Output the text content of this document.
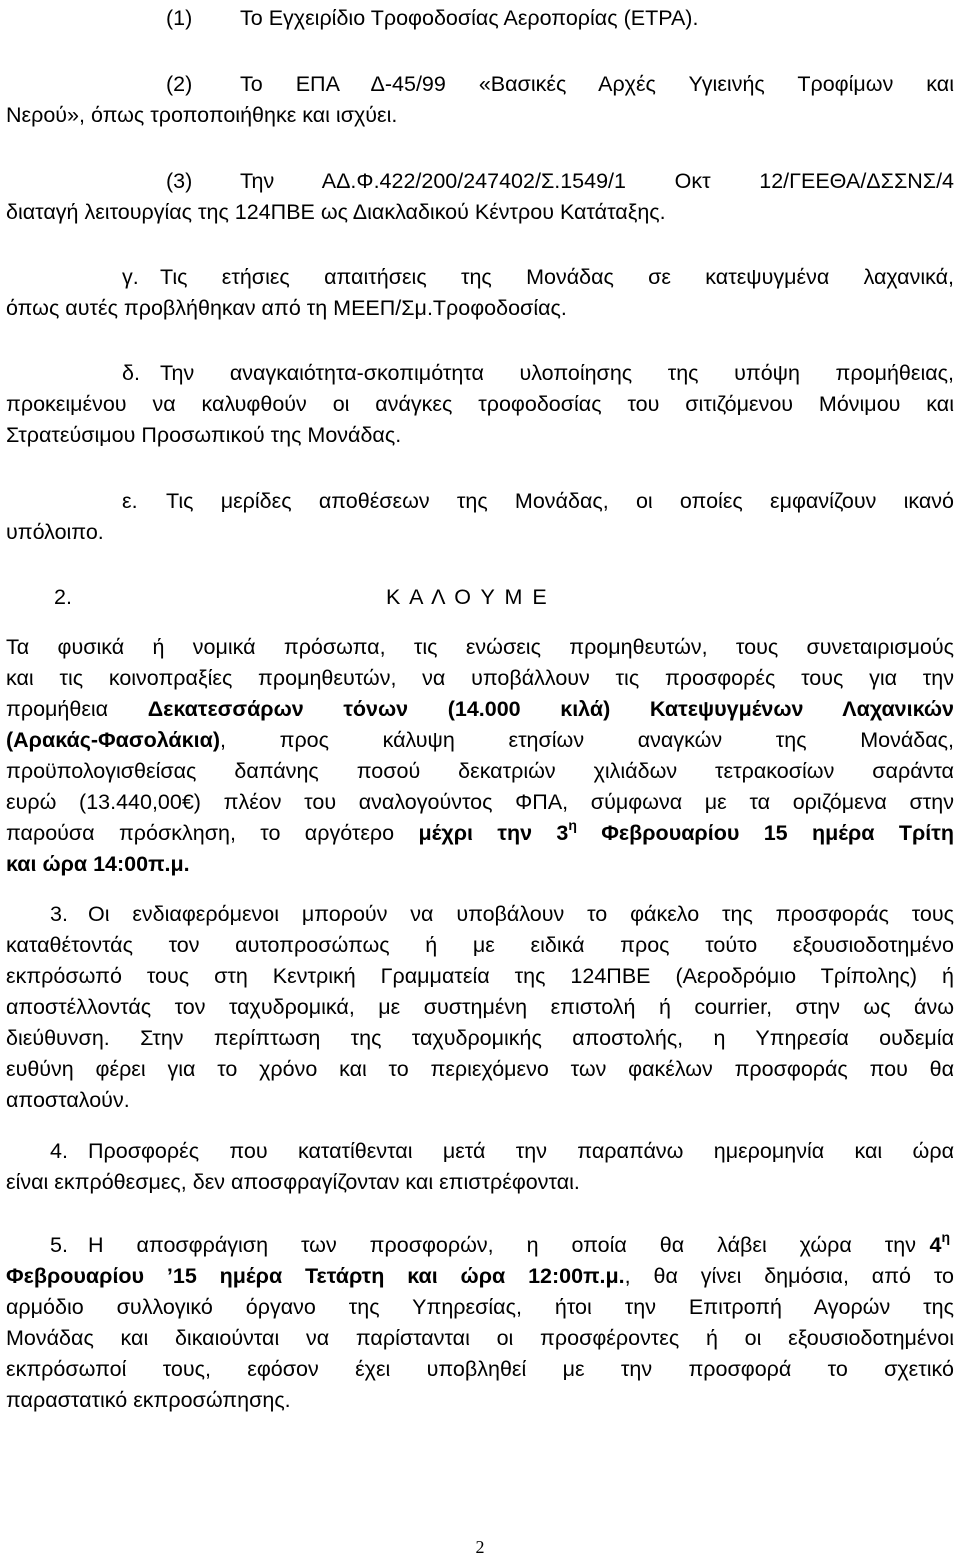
(1) Το Εγχειρίδιο Τροφοδοσίας Αεροπορίας (ΕΤΡΑ).
(2) Το ΕΠΑ Δ-45/99 «Βασικές Αρχές Υγιεινής Τροφίμων και
Νερού», όπως τροποποιήθηκε και ισχύει.
(3) Την ΑΔ.Φ.422/200/247402/Σ.1549/1 Οκτ 12/ΓΕΕΘΑ/ΔΣΣΝΣ/4
διαταγή λειτουργίας της 124ΠΒΕ ως Διακλαδικού Κέντρου Κατάταξης.
γ. Τις ετήσιες απαιτήσεις της Μονάδας σε κατεψυγμένα λαχανικά,
όπως αυτές προβλήθηκαν από τη ΜΕΕΠ/Σμ.Τροφοδοσίας.
δ. Την αναγκαιότητα-σκοπιμότητα υλοποίησης της υπόψη προμήθειας,
προκειμένου να καλυφθούν οι ανάγκες τροφοδοσίας του σιτιζόμενου Μόνιμου και
Στρατεύσιμου Προσωπικού της Μονάδας.
ε. Τις μερίδες αποθέσεων της Μονάδας, οι οποίες εμφανίζουν ικανό
υπόλοιπο.
2.	Κ Α Λ Ο Υ Μ Ε
Τα φυσικά ή νομικά πρόσωπα, τις ενώσεις προμηθευτών, τους συνεταιρισμούς
και τις κοινοπραξίες προμηθευτών, να υποβάλλουν τις προσφορές τους για την
προμήθεια Δεκατεσσάρων τόνων (14.000 κιλά) Κατεψυγμένων Λαχανικών
(Αρακάς-Φασολάκια), προς κάλυψη ετησίων αναγκών της Μονάδας,
προϋπολογισθείσας δαπάνης ποσού δεκατριών χιλιάδων τετρακοσίων σαράντα
ευρώ (13.440,00€) πλέον του αναλογούντος ΦΠΑ, σύμφωνα με τα οριζόμενα στην
παρούσα πρόσκληση, το αργότερο μέχρι την $3^\eta$ Φεβρουαρίου 15 ημέρα Τρίτη
και ώρα 14:00π.μ.
3. Οι ενδιαφερόμενοι μπορούν να υποβάλουν το φάκελο της προσφοράς τους
καταθέτοντάς τον αυτοπροσώπως ή με ειδικά προς τούτο εξουσιοδοτημένο
εκπρόσωπό τους στη Κεντρική Γραμματεία της 124ΠΒΕ (Αεροδρόμιο Τρίπολης) ή
αποστέλλοντάς τον ταχυδρομικά, με συστημένη επιστολή ή courrier, στην ως άνω
διεύθυνση. Στην περίπτωση της ταχυδρομικής αποστολής, η Υπηρεσία ουδεμία
ευθύνη φέρει για το χρόνο και το περιεχόμενο των φακέλων προσφοράς που θα
αποσταλούν.
4. Προσφορές που κατατίθενται μετά την παραπάνω ημερομηνία και ώρα
είναι εκπρόθεσμες, δεν αποσφραγίζονταν και επιστρέφονται.
5. Η αποσφράγιση των προσφορών, η οποία θα λάβει χώρα την $4^\eta$
Φεβρουαρίου ’15 ημέρα Τετάρτη και ώρα 12:00π.μ., θα γίνει δημόσια, από το
αρμόδιο συλλογικό όργανο της Υπηρεσίας, ήτοι την Επιτροπή Αγορών της
Μονάδας και δικαιούνται να παρίστανται οι προσφέροντες ή οι εξουσιοδοτημένοι
εκπρόσωποί τους, εφόσον έχει υποβληθεί με την προσφορά το σχετικό
παραστατικό εκπροσώπησης.
2
